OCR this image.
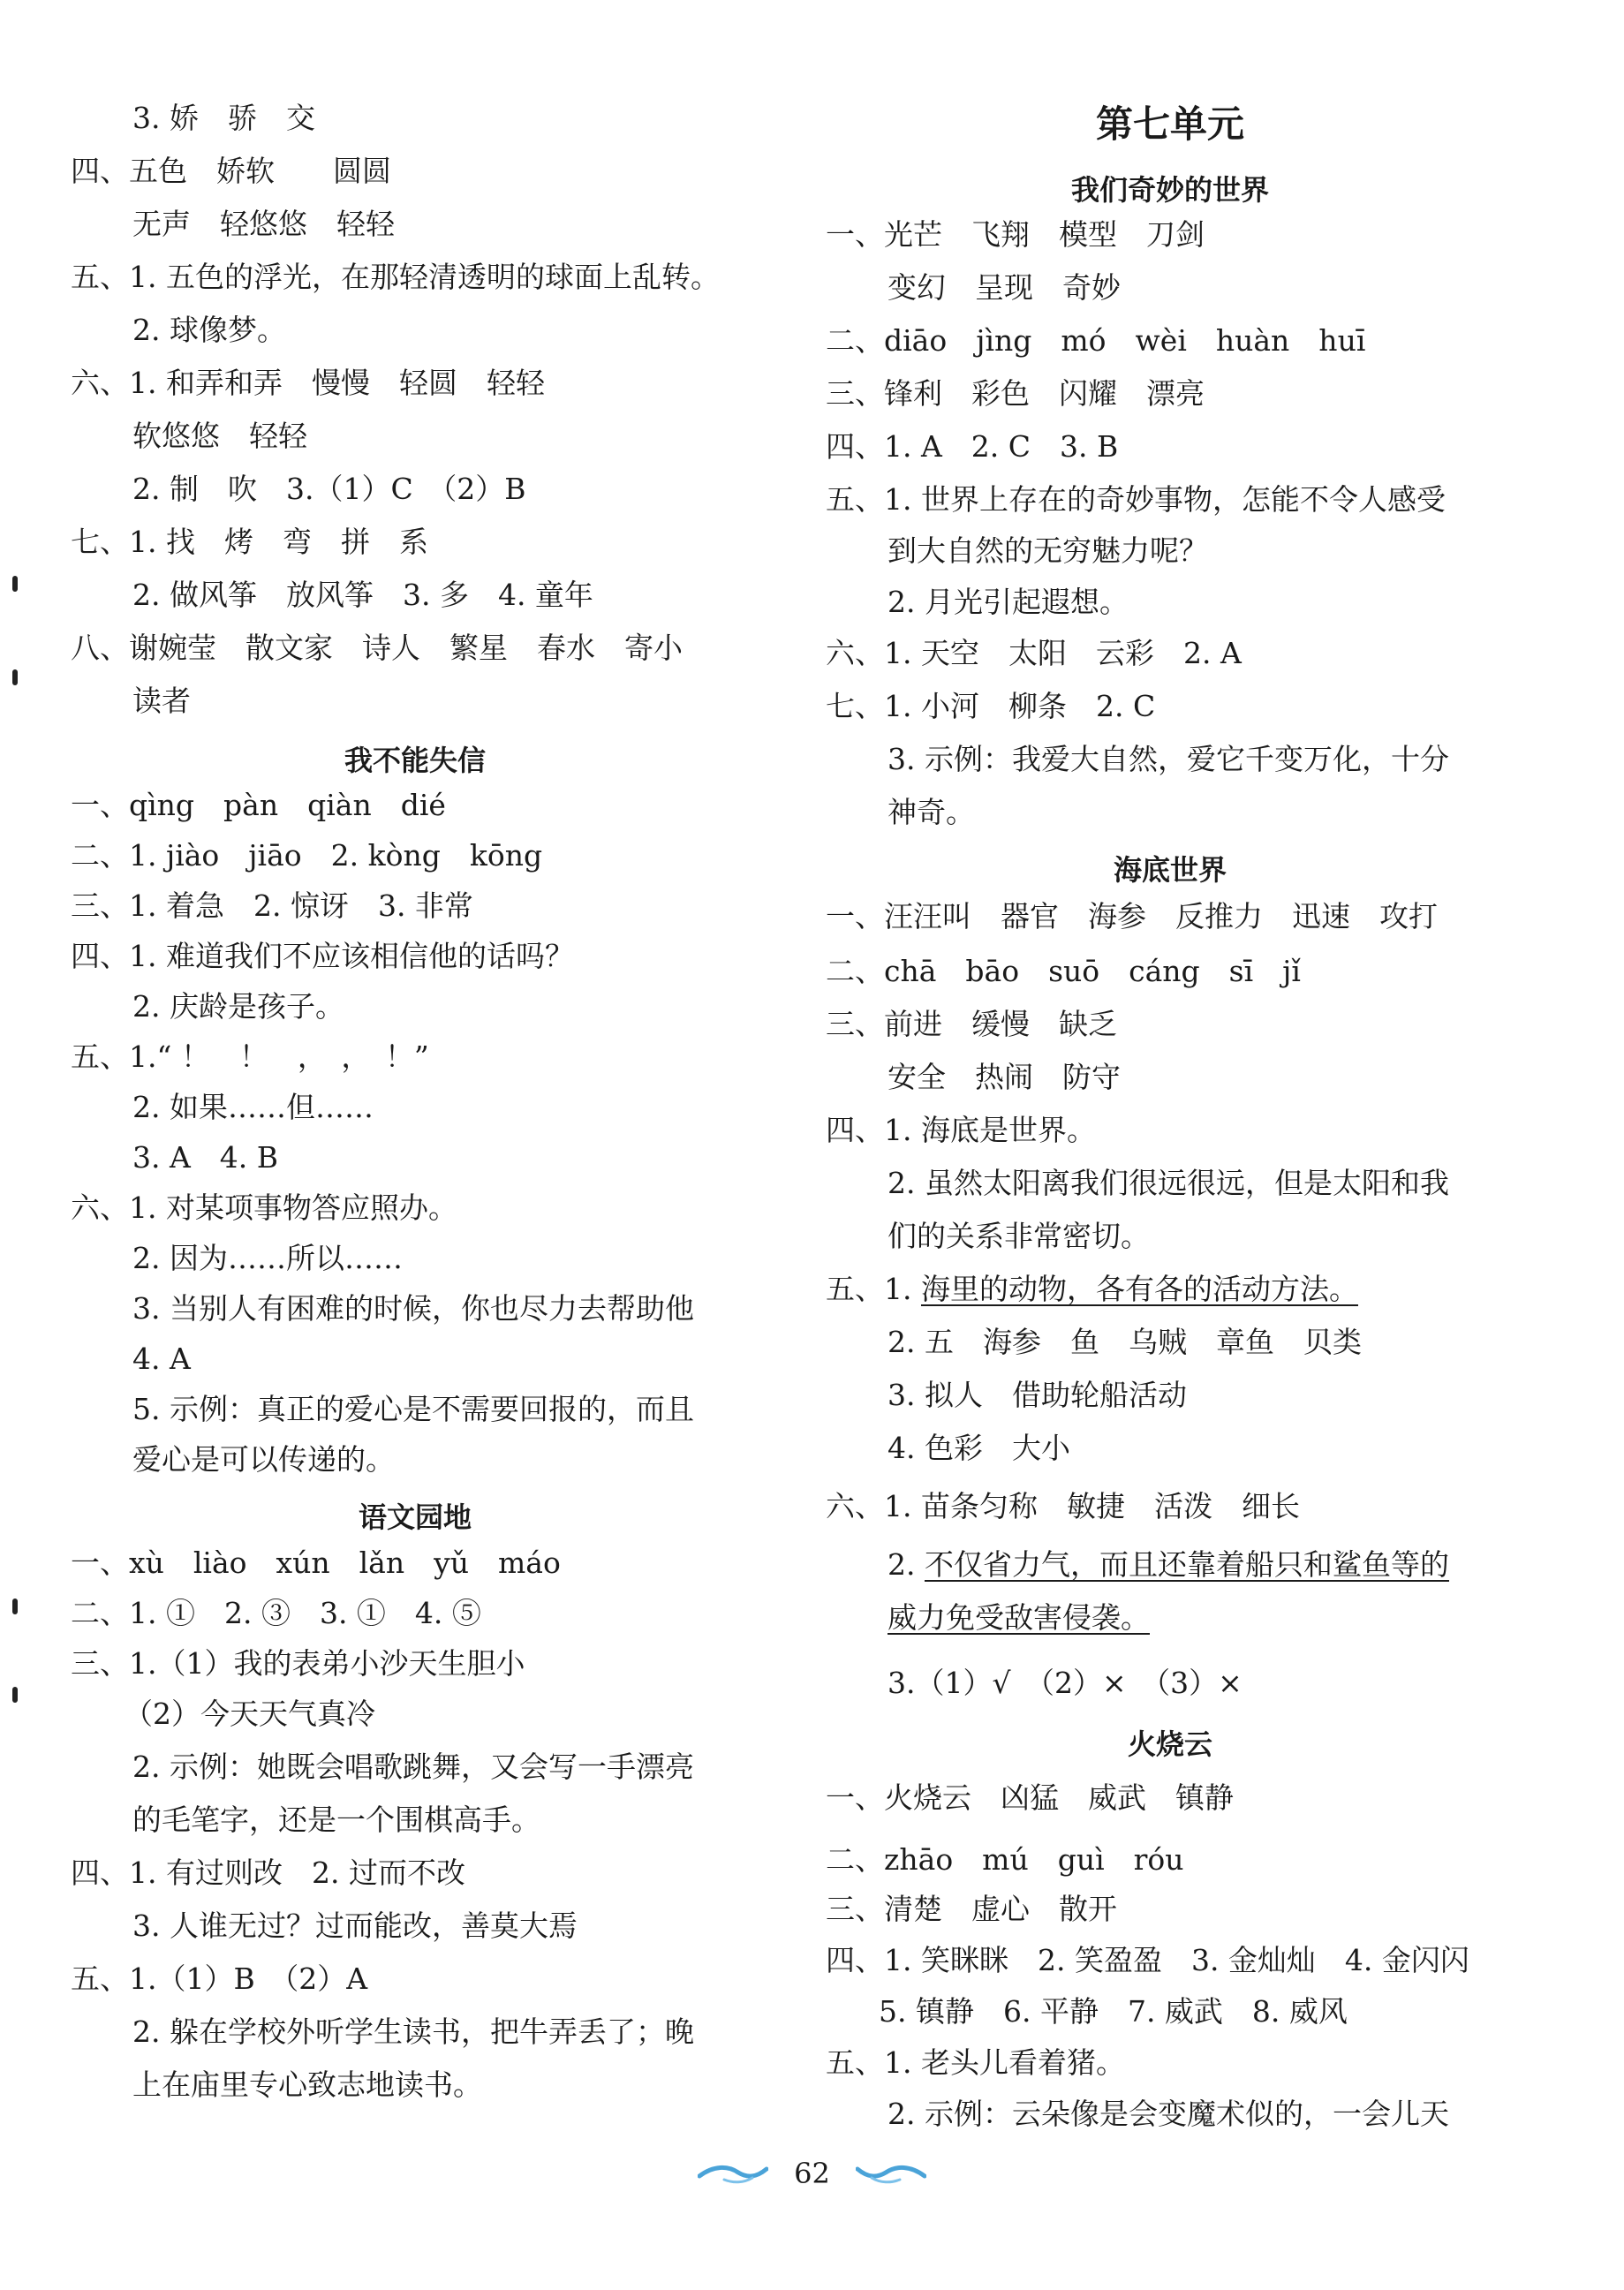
3. 娇　骄　交
四、五色　娇软　　圆圆
无声　轻悠悠　轻轻
五、1. 五色的浮光，在那轻清透明的球面上乱转。
2. 球像梦。
六、1. 和弄和弄　慢慢　轻圆　轻轻
软悠悠　轻轻
2. 制　吹　3.（1）C　（2）B
七、1. 找　烤　弯　拼　系
2. 做风筝　放风筝　3. 多　4. 童年
八、谢婉莹　散文家　诗人　繁星　春水　寄小
读者
我不能失信
一、qìng　pàn　qiàn　dié
二、1. jiào　jiāo　2. kòng　kōng
三、1. 着急　2. 惊讶　3. 非常
四、1. 难道我们不应该相信他的话吗？
2. 庆龄是孩子。
五、1.“ ！　！　，　，　！”
2. 如果……但……
3. A　4. B
六、1. 对某项事物答应照办。
2. 因为……所以……
3. 当别人有困难的时候，你也尽力去帮助他
4. A
5. 示例：真正的爱心是不需要回报的，而且
爱心是可以传递的。
语文园地
一、xù　liào　xún　lǎn　yǔ　máo
二、1. ①　2. ③　3. ①　4. ⑤
三、1.（1）我的表弟小沙天生胆小
（2）今天天气真冷
2. 示例：她既会唱歌跳舞，又会写一手漂亮
的毛笔字，还是一个围棋高手。
四、1. 有过则改　2. 过而不改
3. 人谁无过？过而能改，善莫大焉
五、1.（1）B　（2）A
2. 躲在学校外听学生读书，把牛弄丢了；晚
上在庙里专心致志地读书。
第七单元
我们奇妙的世界
一、光芒　飞翔　模型　刀剑
变幻　呈现　奇妙
二、diāo　jìng　mó　wèi　huàn　huī
三、锋利　彩色　闪耀　漂亮
四、1. A　2. C　3. B
五、1. 世界上存在的奇妙事物，怎能不令人感受
到大自然的无穷魅力呢？
2. 月光引起遐想。
六、1. 天空　太阳　云彩　2. A
七、1. 小河　柳条　2. C
3. 示例：我爱大自然，爱它千变万化，十分
神奇。
海底世界
一、汪汪叫　器官　海参　反推力　迅速　攻打
二、chā　bāo　suō　cáng　sī　jǐ
三、前进　缓慢　缺乏
安全　热闹　防守
四、1. 海底是世界。
2. 虽然太阳离我们很远很远，但是太阳和我
们的关系非常密切。
五、1. 海里的动物，各有各的活动方法。
2. 五　海参　鱼　乌贼　章鱼　贝类
3. 拟人　借助轮船活动
4. 色彩　大小
六、1. 苗条匀称　敏捷　活泼　细长
2. 不仅省力气，而且还靠着船只和鲨鱼等的
威力免受敌害侵袭。
3.（1）√　（2）×　（3）×
火烧云
一、火烧云　凶猛　威武　镇静
二、zhāo　mú　guì　róu
三、清楚　虚心　散开
四、1. 笑眯眯　2. 笑盈盈　3. 金灿灿　4. 金闪闪
5. 镇静　6. 平静　7. 威武　8. 威风
五、1. 老头儿看着猪。
2. 示例：云朵像是会变魔术似的，一会儿天
62
